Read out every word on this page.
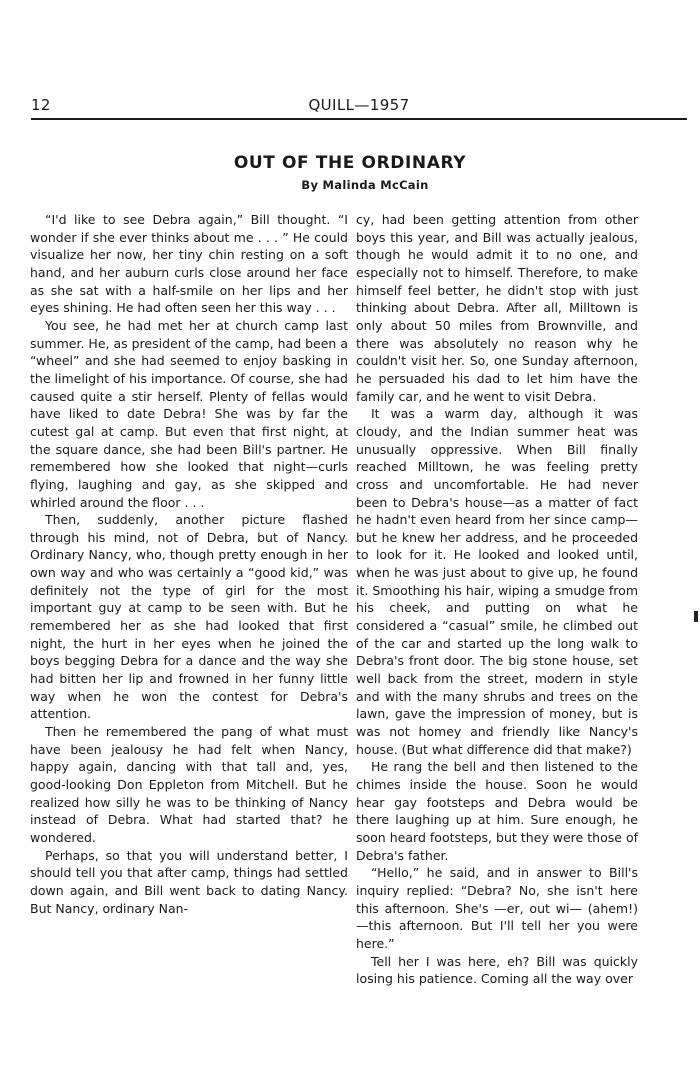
12	QUILL—1957
OUT OF THE ORDINARY
By Malinda McCain

“I'd like to see Debra again,” Bill thought. “I wonder if she ever thinks about me . . . ” He could visualize her now, her tiny chin resting on a soft hand, and her auburn curls close around her face as she sat with a half-smile on her lips and her eyes shining. He had often seen her this way . . .

You see, he had met her at church camp last summer. He, as president of the camp, had been a “wheel” and she had seemed to enjoy basking in the limelight of his importance. Of course, she had caused quite a stir herself. Plenty of fellas would have liked to date Debra! She was by far the cutest gal at camp. But even that first night, at the square dance, she had been Bill's partner. He remembered how she looked that night—curls flying, laughing and gay, as she skipped and whirled around the floor . . .

Then, suddenly, another picture flashed through his mind, not of Debra, but of Nancy. Ordinary Nancy, who, though pretty enough in her own way and who was certainly a “good kid,” was definitely not the type of girl for the most important guy at camp to be seen with. But he remembered her as she had looked that first night, the hurt in her eyes when he joined the boys begging Debra for a dance and the way she had bitten her lip and frowned in her funny little way when he won the contest for Debra's attention.

Then he remembered the pang of what must have been jealousy he had felt when Nancy, happy again, dancing with that tall and, yes, good-looking Don Eppleton from Mitchell. But he realized how silly he was to be thinking of Nancy instead of Debra. What had started that? he wondered.

Perhaps, so that you will understand better, I should tell you that after camp, things had settled down again, and Bill went back to dating Nancy. But Nancy, ordinary Nan-

cy, had been getting attention from other boys this year, and Bill was actually jealous, though he would admit it to no one, and especially not to himself. Therefore, to make himself feel better, he didn't stop with just thinking about Debra. After all, Milltown is only about 50 miles from Brownville, and there was absolutely no reason why he couldn't visit her. So, one Sunday afternoon, he persuaded his dad to let him have the family car, and he went to visit Debra.

It was a warm day, although it was cloudy, and the Indian summer heat was unusually oppressive. When Bill finally reached Milltown, he was feeling pretty cross and uncomfortable. He had never been to Debra's house—as a matter of fact he hadn't even heard from her since camp—but he knew her address, and he proceeded to look for it. He looked and looked until, when he was just about to give up, he found it. Smoothing his hair, wiping a smudge from his cheek, and putting on what he considered a “casual” smile, he climbed out of the car and started up the long walk to Debra's front door. The big stone house, set well back from the street, modern in style and with the many shrubs and trees on the lawn, gave the impression of money, but is was not homey and friendly like Nancy's house. (But what difference did that make?)

He rang the bell and then listened to the chimes inside the house. Soon he would hear gay footsteps and Debra would be there laughing up at him. Sure enough, he soon heard footsteps, but they were those of Debra's father.

“Hello,” he said, and in answer to Bill's inquiry replied: “Debra? No, she isn't here this afternoon. She's —er, out wi— (ahem!) —this afternoon. But I'll tell her you were here.”

Tell her I was here, eh? Bill was quickly losing his patience. Coming all the way over
